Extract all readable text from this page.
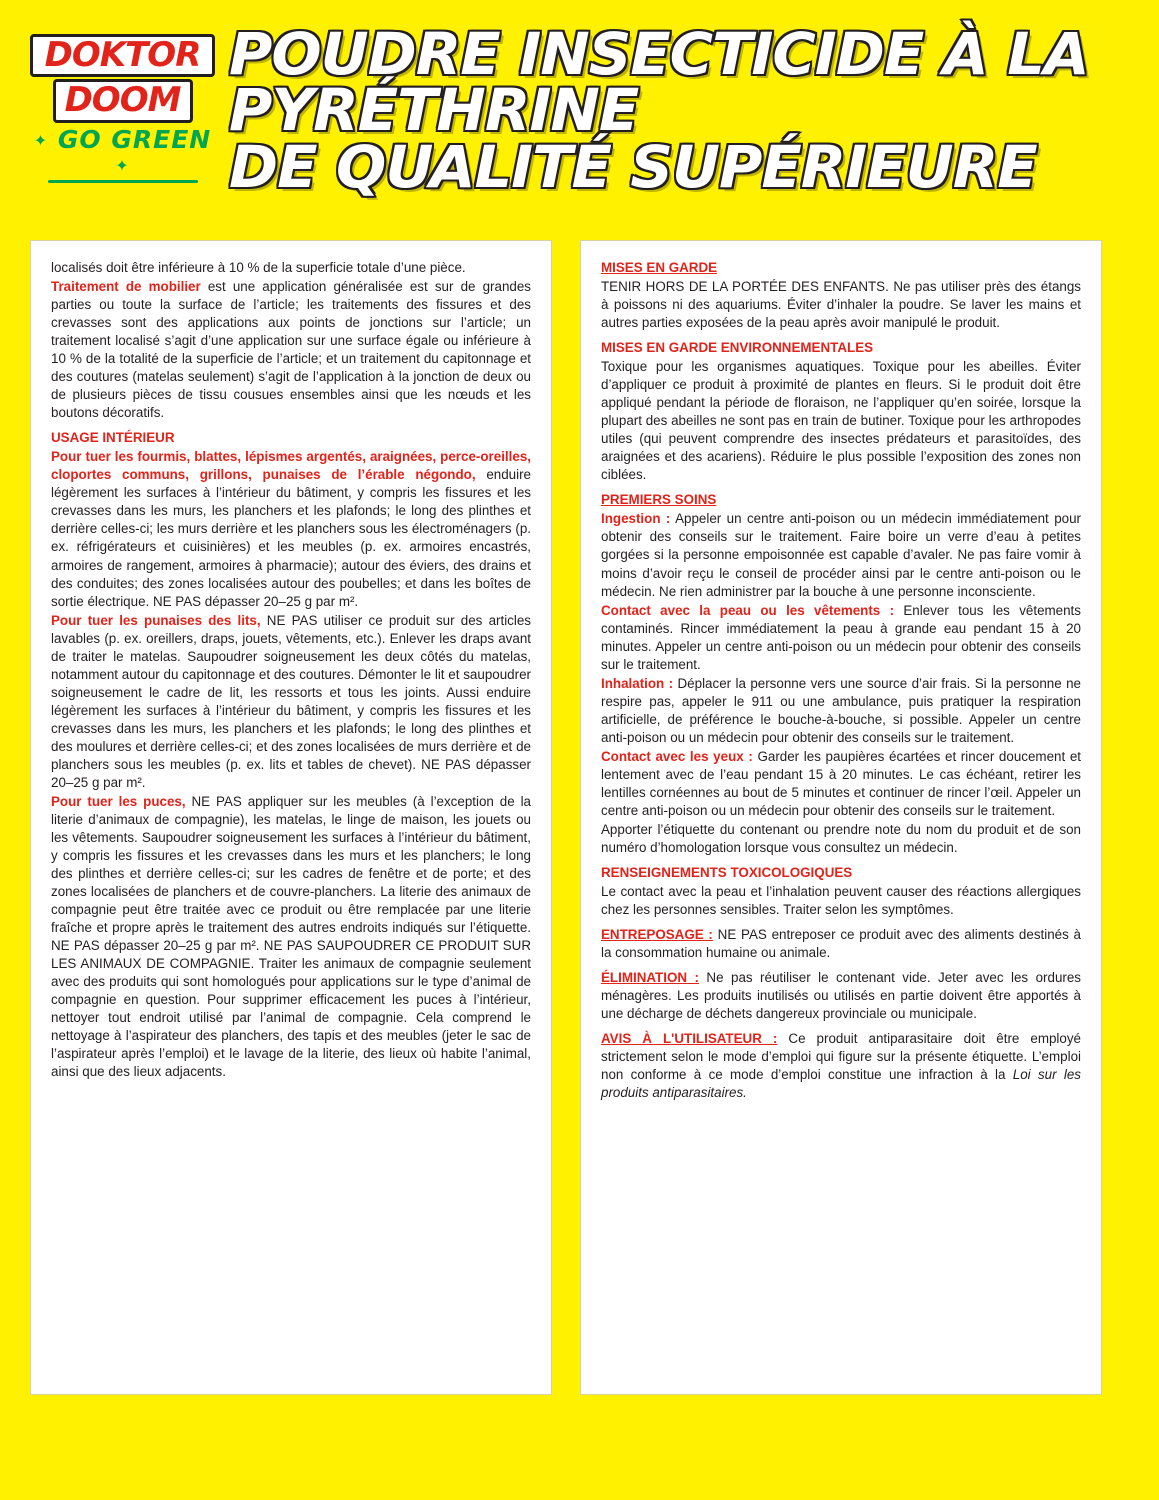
DOKTOR
DOOM
✦ GO GREEN ✦
POUDRE INSECTICIDE À LA PYRÉTHRINE
DE QUALITÉ SUPÉRIEURE

localisés doit être inférieure à 10 % de la superficie totale d’une pièce.

Traitement de mobilier est une application généralisée est sur de grandes parties ou toute la surface de l’article; les traitements des fissures et des crevasses sont des applications aux points de jonctions sur l’article; un traitement localisé s’agit d’une application sur une surface égale ou inférieure à 10 % de la totalité de la superficie de l’article; et un traitement du capitonnage et des coutures (matelas seulement) s’agit de l’application à la jonction de deux ou de plusieurs pièces de tissu cousues ensembles ainsi que les nœuds et les boutons décoratifs.

USAGE INTÉRIEUR

Pour tuer les fourmis, blattes, lépismes argentés, araignées, perce-oreilles, cloportes communs, grillons, punaises de l’érable négondo, enduire légèrement les surfaces à l’intérieur du bâtiment, y compris les fissures et les crevasses dans les murs, les planchers et les plafonds; le long des plinthes et derrière celles-ci; les murs derrière et les planchers sous les électroménagers (p. ex. réfrigérateurs et cuisinières) et les meubles (p. ex. armoires encastrés, armoires de rangement, armoires à pharmacie); autour des éviers, des drains et des conduites; des zones localisées autour des poubelles; et dans les boîtes de sortie électrique. NE PAS dépasser 20–25 g par m².

Pour tuer les punaises des lits, NE PAS utiliser ce produit sur des articles lavables (p. ex. oreillers, draps, jouets, vêtements, etc.). Enlever les draps avant de traiter le matelas. Saupoudrer soigneusement les deux côtés du matelas, notamment autour du capitonnage et des coutures. Démonter le lit et saupoudrer soigneusement le cadre de lit, les ressorts et tous les joints. Aussi enduire légèrement les surfaces à l’intérieur du bâtiment, y compris les fissures et les crevasses dans les murs, les planchers et les plafonds; le long des plinthes et des moulures et derrière celles-ci; et des zones localisées de murs derrière et de planchers sous les meubles (p. ex. lits et tables de chevet). NE PAS dépasser 20–25 g par m².

Pour tuer les puces, NE PAS appliquer sur les meubles (à l’exception de la literie d’animaux de compagnie), les matelas, le linge de maison, les jouets ou les vêtements. Saupoudrer soigneusement les surfaces à l’intérieur du bâtiment, y compris les fissures et les crevasses dans les murs et les planchers; le long des plinthes et derrière celles-ci; sur les cadres de fenêtre et de porte; et des zones localisées de planchers et de couvre-planchers. La literie des animaux de compagnie peut être traitée avec ce produit ou être remplacée par une literie fraîche et propre après le traitement des autres endroits indiqués sur l’étiquette. NE PAS dépasser 20–25 g par m². NE PAS SAUPOUDRER CE PRODUIT SUR LES ANIMAUX DE COMPAGNIE. Traiter les animaux de compagnie seulement avec des produits qui sont homologués pour applications sur le type d’animal de compagnie en question. Pour supprimer efficacement les puces à l’intérieur, nettoyer tout endroit utilisé par l’animal de compagnie. Cela comprend le nettoyage à l’aspirateur des planchers, des tapis et des meubles (jeter le sac de l’aspirateur après l’emploi) et le lavage de la literie, des lieux où habite l’animal, ainsi que des lieux adjacents.

MISES EN GARDE

TENIR HORS DE LA PORTÉE DES ENFANTS. Ne pas utiliser près des étangs à poissons ni des aquariums. Éviter d’inhaler la poudre. Se laver les mains et autres parties exposées de la peau après avoir manipulé le produit.

MISES EN GARDE ENVIRONNEMENTALES

Toxique pour les organismes aquatiques. Toxique pour les abeilles. Éviter d’appliquer ce produit à proximité de plantes en fleurs. Si le produit doit être appliqué pendant la période de floraison, ne l’appliquer qu’en soirée, lorsque la plupart des abeilles ne sont pas en train de butiner. Toxique pour les arthropodes utiles (qui peuvent comprendre des insectes prédateurs et parasitoïdes, des araignées et des acariens). Réduire le plus possible l’exposition des zones non ciblées.

PREMIERS SOINS

Ingestion : Appeler un centre anti-poison ou un médecin immédiatement pour obtenir des conseils sur le traitement. Faire boire un verre d’eau à petites gorgées si la personne empoisonnée est capable d’avaler. Ne pas faire vomir à moins d’avoir reçu le conseil de procéder ainsi par le centre anti-poison ou le médecin. Ne rien administrer par la bouche à une personne inconsciente.

Contact avec la peau ou les vêtements : Enlever tous les vêtements contaminés. Rincer immédiatement la peau à grande eau pendant 15 à 20 minutes. Appeler un centre anti-poison ou un médecin pour obtenir des conseils sur le traitement.

Inhalation : Déplacer la personne vers une source d’air frais. Si la personne ne respire pas, appeler le 911 ou une ambulance, puis pratiquer la respiration artificielle, de préférence le bouche-à-bouche, si possible. Appeler un centre anti-poison ou un médecin pour obtenir des conseils sur le traitement.

Contact avec les yeux : Garder les paupières écartées et rincer doucement et lentement avec de l’eau pendant 15 à 20 minutes. Le cas échéant, retirer les lentilles cornéennes au bout de 5 minutes et continuer de rincer l’œil. Appeler un centre anti-poison ou un médecin pour obtenir des conseils sur le traitement.

Apporter l’étiquette du contenant ou prendre note du nom du produit et de son numéro d’homologation lorsque vous consultez un médecin.

RENSEIGNEMENTS TOXICOLOGIQUES

Le contact avec la peau et l’inhalation peuvent causer des réactions allergiques chez les personnes sensibles. Traiter selon les symptômes.

ENTREPOSAGE : NE PAS entreposer ce produit avec des aliments destinés à la consommation humaine ou animale.

ÉLIMINATION : Ne pas réutiliser le contenant vide. Jeter avec les ordures ménagères. Les produits inutilisés ou utilisés en partie doivent être apportés à une décharge de déchets dangereux provinciale ou municipale.

AVIS À L'UTILISATEUR : Ce produit antiparasitaire doit être employé strictement selon le mode d’emploi qui figure sur la présente étiquette. L’emploi non conforme à ce mode d’emploi constitue une infraction à la Loi sur les produits antiparasitaires.
